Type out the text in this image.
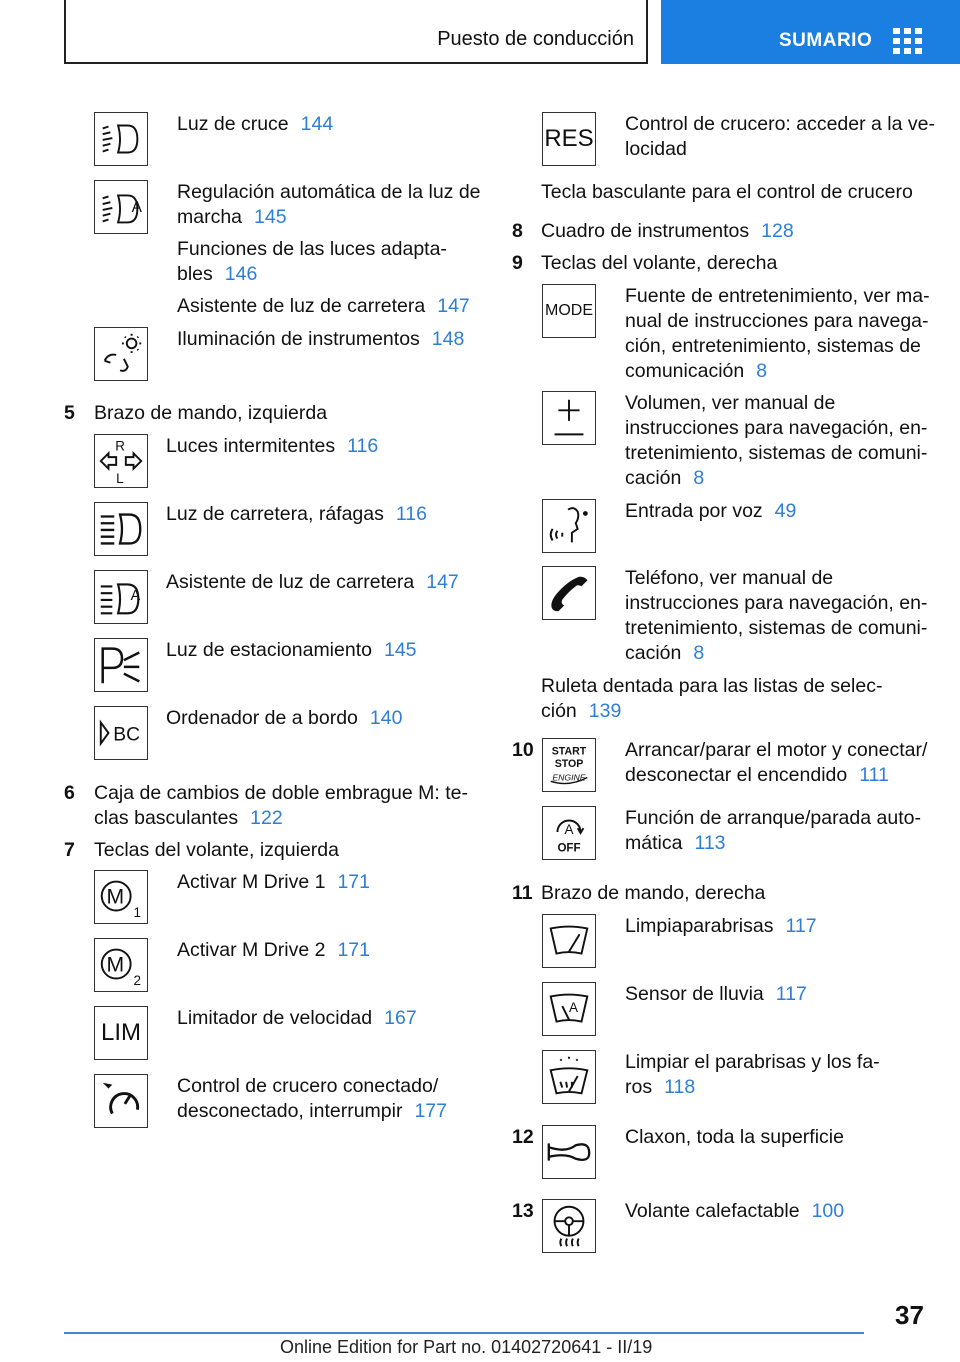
Puesto de conducción	SUMARIO
Luz de cruce 144
A
Regulación automática de la luz de
marcha 145
Funciones de las luces adapta-
bles 146
Asistente de luz de carretera 147
Iluminación de instrumentos 148
5 Brazo de mando, izquierda
R
L
Luces intermitentes 116
Luz de carretera, ráfagas 116
A
Asistente de luz de carretera 147
Luz de estacionamiento 145
BC
Ordenador de a bordo 140
6 Caja de cambios de doble embrague M: te-
clas basculantes 122
7 Teclas del volante, izquierda
M
1
Activar M Drive 1 171
M
2
Activar M Drive 2 171
LIM
Limitador de velocidad 167
Control de crucero conectado/
desconectado, interrumpir 177
RES
Control de crucero: acceder a la ve-
locidad
Tecla basculante para el control de crucero
8 Cuadro de instrumentos 128
9 Teclas del volante, derecha
MODE
Fuente de entretenimiento, ver ma-
nual de instrucciones para navega-
ción, entretenimiento, sistemas de
comunicación 8
Volumen, ver manual de
instrucciones para navegación, en-
tretenimiento, sistemas de comuni-
cación 8
Entrada por voz 49
Teléfono, ver manual de
instrucciones para navegación, en-
tretenimiento, sistemas de comuni-
cación 8
Ruleta dentada para las listas de selec-
ción 139
10 START
STOP
ENGINE
Arrancar/parar el motor y conectar/
desconectar el encendido 111
A
OFF
Función de arranque/parada auto-
mática 113
11 Brazo de mando, derecha
Limpiaparabrisas 117
A
Sensor de lluvia 117
Limpiar el parabrisas y los fa-
ros 118
12	Claxon, toda la superficie
13	Volante calefactable 100
37
Online Edition for Part no. 01402720641 - II/19
